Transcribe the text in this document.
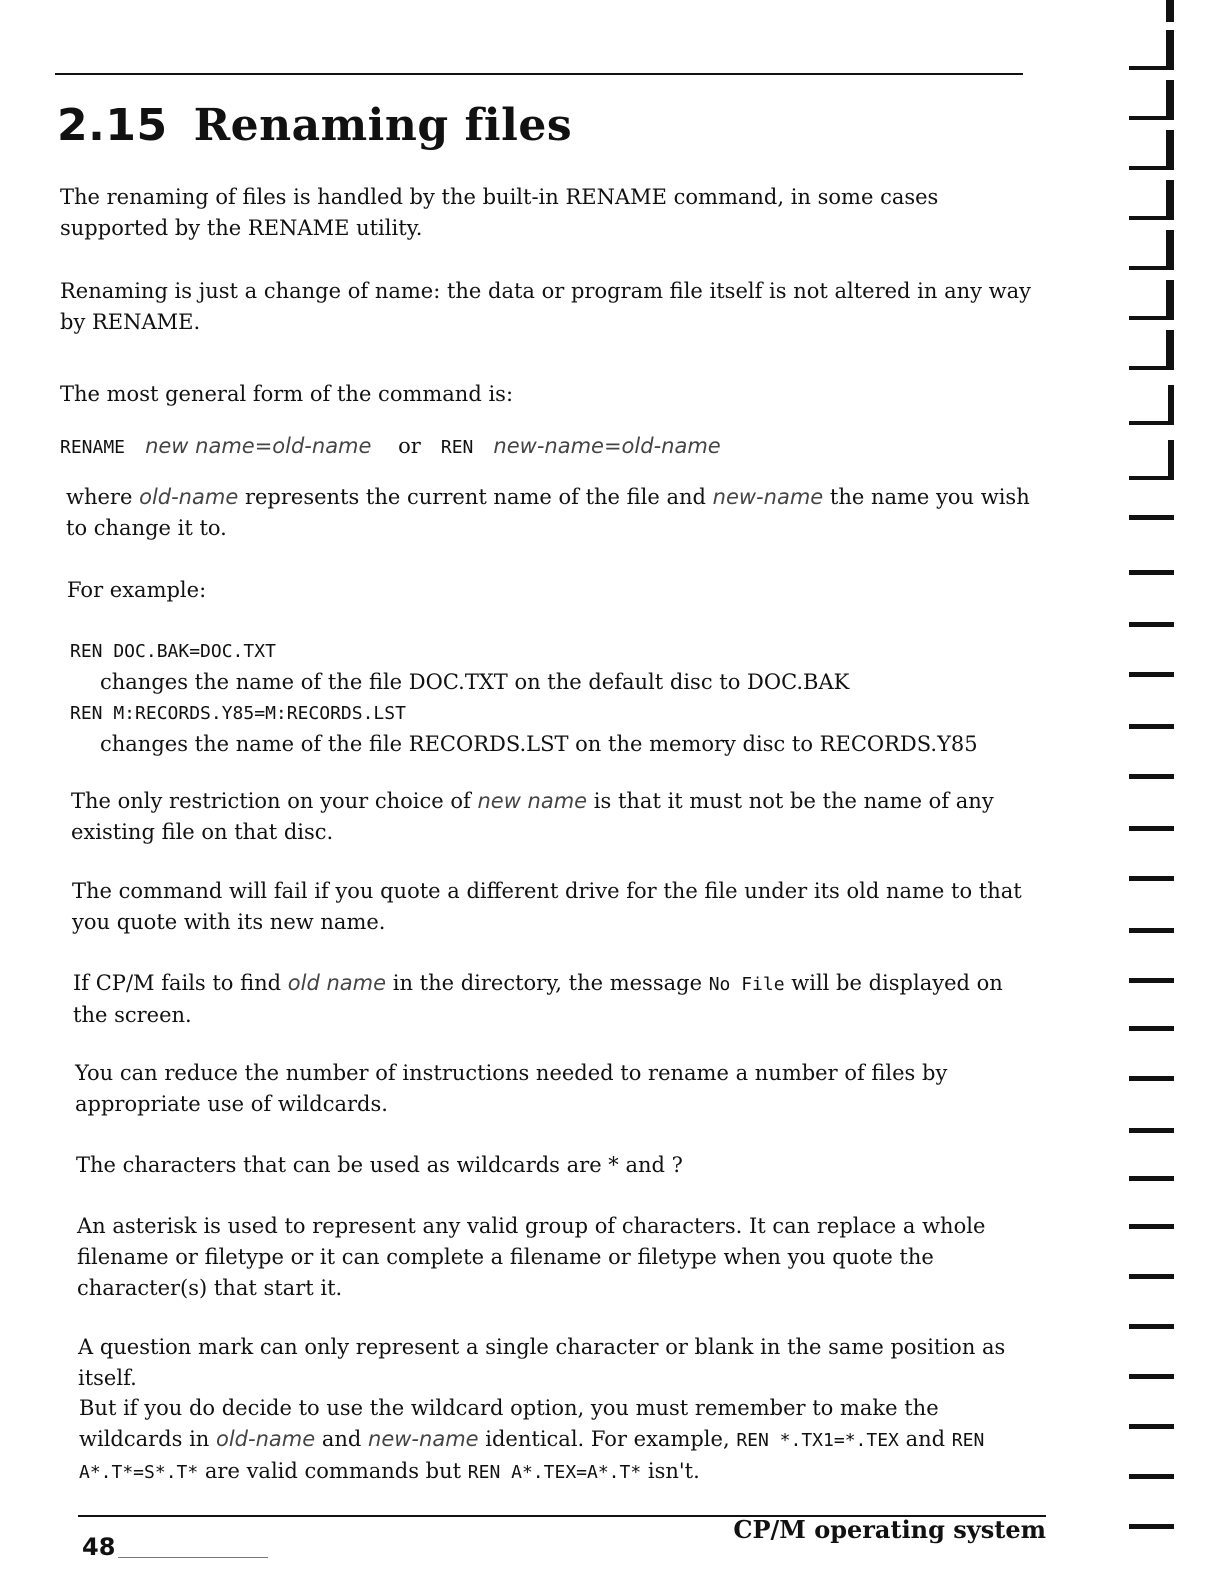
2.15 Renaming files
The renaming of files is handled by the built-in RENAME command, in some cases supported by the RENAME utility.
Renaming is just a change of name: the data or program file itself is not altered in any way by RENAME.
The most general form of the command is:
RENAME new name=old-name or REN new-name=old-name
where old-name represents the current name of the file and new-name the name you wish to change it to.
For example:
REN DOC.BAK=DOC.TXT
changes the name of the file DOC.TXT on the default disc to DOC.BAK
REN M:RECORDS.Y85=M:RECORDS.LST
changes the name of the file RECORDS.LST on the memory disc to RECORDS.Y85
The only restriction on your choice of new name is that it must not be the name of any existing file on that disc.
The command will fail if you quote a different drive for the file under its old name to that you quote with its new name.
If CP/M fails to find old name in the directory, the message No File will be displayed on the screen.
You can reduce the number of instructions needed to rename a number of files by appropriate use of wildcards.
The characters that can be used as wildcards are * and ?
An asterisk is used to represent any valid group of characters. It can replace a whole filename or filetype or it can complete a filename or filetype when you quote the character(s) that start it.
A question mark can only represent a single character or blank in the same position as itself.
But if you do decide to use the wildcard option, you must remember to make the wildcards in old-name and new-name identical. For example, REN *.TX1=*.TEX and REN A*.T*=S*.T* are valid commands but REN A*.TEX=A*.T* isn't.
48
CP/M operating system
